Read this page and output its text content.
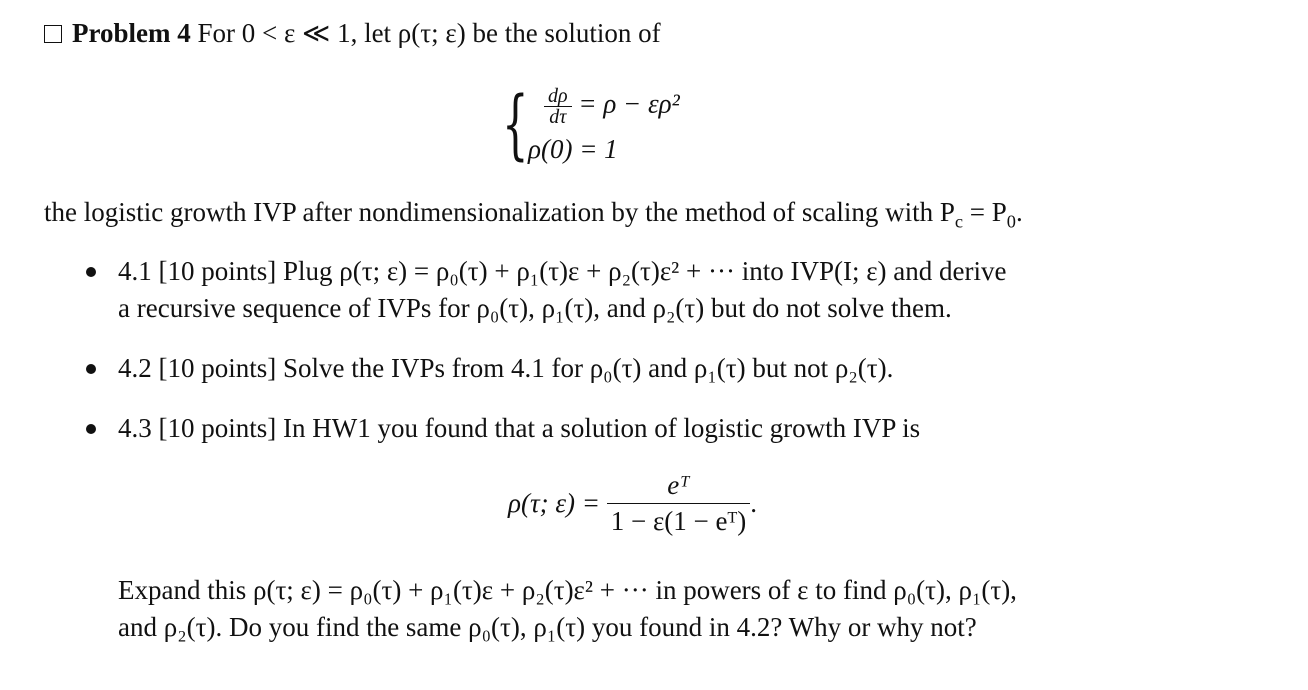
Problem 4 For 0 < ε ≪ 1, let ρ(τ; ε) be the solution of
{ $\frac{d\rho}{d\tau} = \rho - \varepsilon\rho^2$
ρ(0) = 1
the logistic growth IVP after nondimensionalization by the method of scaling with $P_c = P_0$.
4.1 [10 points] Plug ρ(τ; ε) = ρ₀(τ) + ρ₁(τ)ε + ρ₂(τ)ε² + ··· into IVP(I; ε) and derive
a recursive sequence of IVPs for ρ₀(τ), ρ₁(τ), and ρ₂(τ) but do not solve them.
4.2 [10 points] Solve the IVPs from 4.1 for ρ₀(τ) and ρ₁(τ) but not ρ₂(τ).
4.3 [10 points] In HW1 you found that a solution of logistic growth IVP is
ρ(τ; $\varepsilon) = \frac{\text{eᵀ}}{\text{1 − ε(1 − eᵀ)}}$ .
Expand this ρ(τ; ε) = ρ₀(τ) + ρ₁(τ)ε + ρ₂(τ)ε² + ··· in powers of ε to find ρ₀(τ), ρ₁(τ),
and ρ₂(τ). Do you find the same ρ₀(τ), ρ₁(τ) you found in 4.2? Why or why not?
